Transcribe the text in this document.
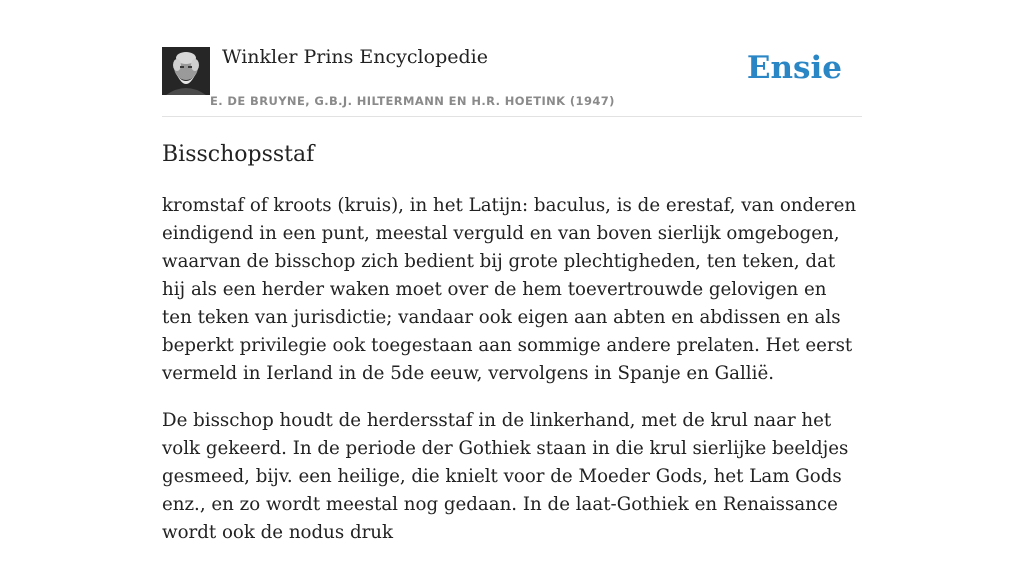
Winkler Prins Encyclopedie
E. DE BRUYNE, G.B.J. HILTERMANN EN H.R. HOETINK (1947)
Ensie
Bisschopsstaf

kromstaf of kroots (kruis), in het Latijn: baculus, is de erestaf, van onderen eindigend in een punt, meestal verguld en van boven sierlijk omgebogen, waarvan de bisschop zich bedient bij grote plechtigheden, ten teken, dat hij als een herder waken moet over de hem toevertrouwde gelovigen en ten teken van jurisdictie; vandaar ook eigen aan abten en abdissen en als beperkt privilegie ook toegestaan aan sommige andere prelaten. Het eerst vermeld in Ierland in de 5de eeuw, vervolgens in Spanje en Gallië.

De bisschop houdt de herdersstaf in de linkerhand, met de krul naar het volk gekeerd. In de periode der Gothiek staan in die krul sierlijke beeldjes gesmeed, bijv. een heilige, die knielt voor de Moeder Gods, het Lam Gods enz., en zo wordt meestal nog gedaan. In de laat-Gothiek en Renaissance wordt ook de nodus druk
